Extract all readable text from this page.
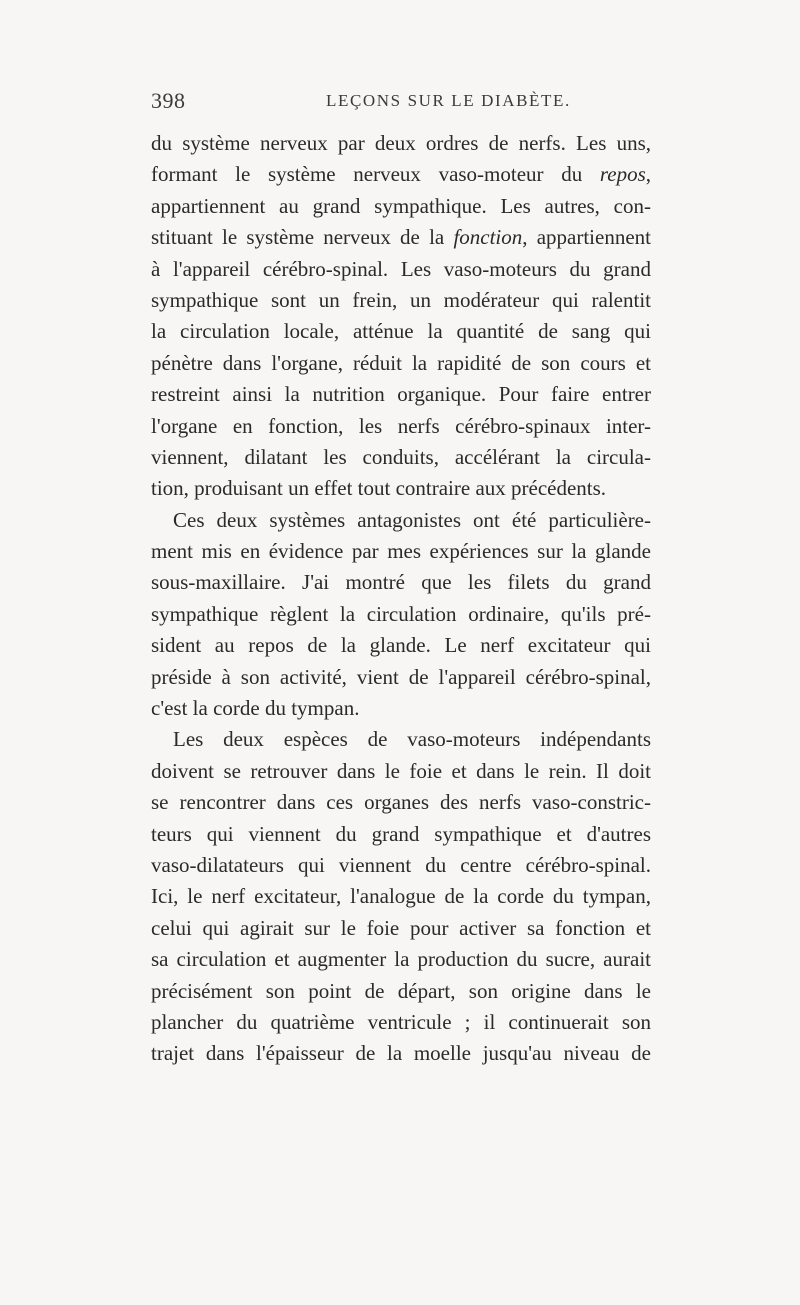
398	LEÇONS SUR LE DIABÈTE.

du système nerveux par deux ordres de nerfs. Les uns,
formant le système nerveux vaso-moteur du repos,
appartiennent au grand sympathique. Les autres, con-
stituant le système nerveux de la fonction, appartiennent
à l'appareil cérébro-spinal. Les vaso-moteurs du grand
sympathique sont un frein, un modérateur qui ralentit
la circulation locale, atténue la quantité de sang qui
pénètre dans l'organe, réduit la rapidité de son cours et
restreint ainsi la nutrition organique. Pour faire entrer
l'organe en fonction, les nerfs cérébro-spinaux inter-
viennent, dilatant les conduits, accélérant la circula-
tion, produisant un effet tout contraire aux précédents.

Ces deux systèmes antagonistes ont été particulière-
ment mis en évidence par mes expériences sur la glande
sous-maxillaire. J'ai montré que les filets du grand
sympathique règlent la circulation ordinaire, qu'ils pré-
sident au repos de la glande. Le nerf excitateur qui
préside à son activité, vient de l'appareil cérébro-spinal,
c'est la corde du tympan.

Les deux espèces de vaso-moteurs indépendants
doivent se retrouver dans le foie et dans le rein. Il doit
se rencontrer dans ces organes des nerfs vaso-constric-
teurs qui viennent du grand sympathique et d'autres
vaso-dilatateurs qui viennent du centre cérébro-spinal.
Ici, le nerf excitateur, l'analogue de la corde du tympan,
celui qui agirait sur le foie pour activer sa fonction et
sa circulation et augmenter la production du sucre, aurait
précisément son point de départ, son origine dans le
plancher du quatrième ventricule ; il continuerait son
trajet dans l'épaisseur de la moelle jusqu'au niveau de
